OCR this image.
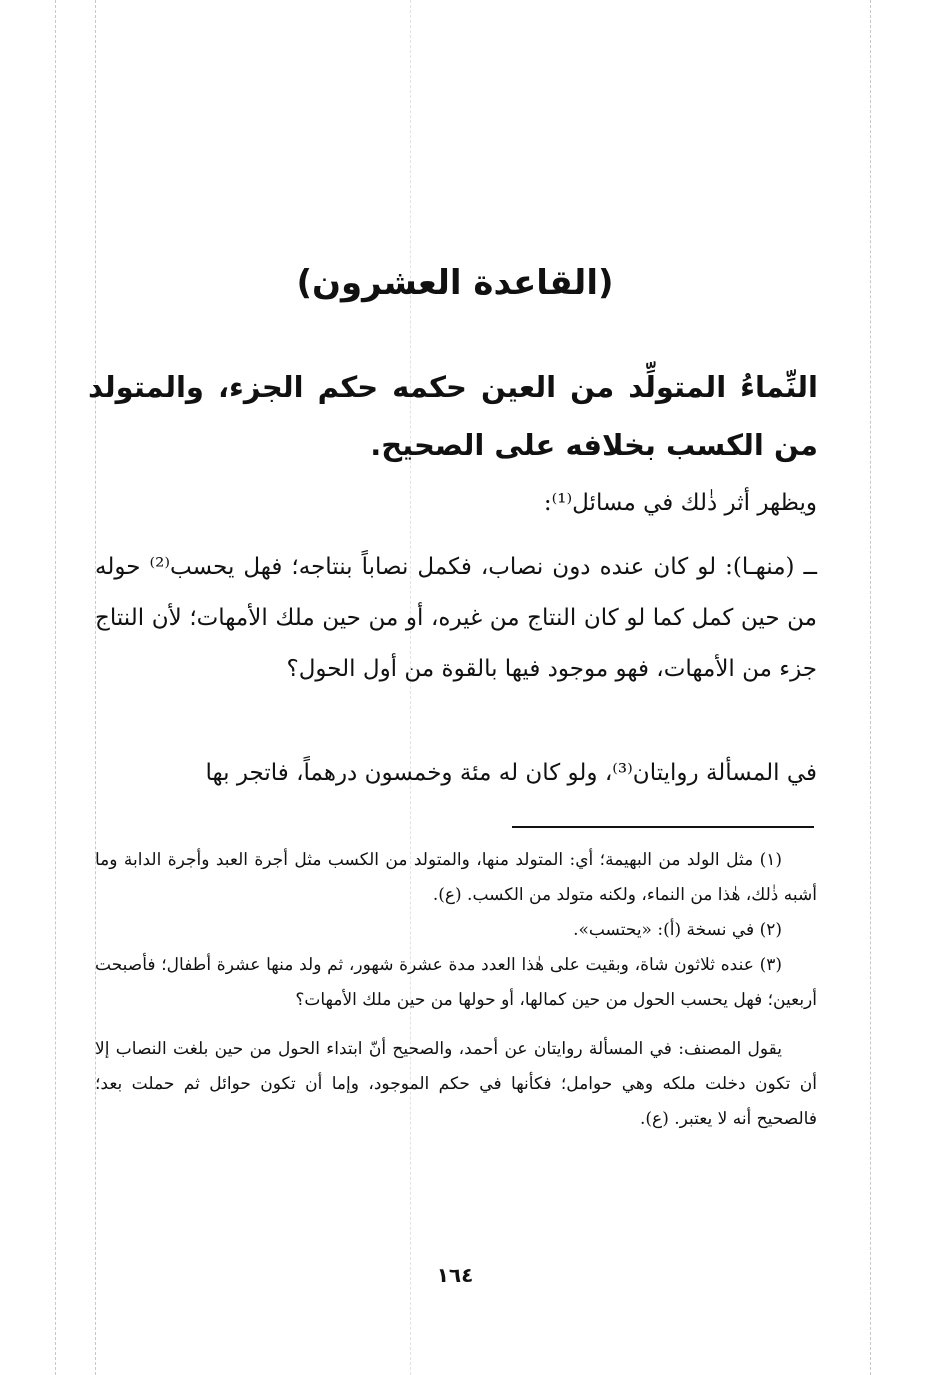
(القاعدة العشرون)
النِّماءُ المتولِّد من العين حكمه حكم الجزء، والمتولد من الكسب بخلافه على الصحيح.
ويظهر أثر ذٰلك في مسائل⁽¹⁾:
ــ (منهـا): لو كان عنده دون نصاب، فكمل نصاباً بنتاجه؛ فهل يحسب⁽²⁾ حوله من حين كمل كما لو كان النتاج من غيره، أو من حين ملك الأمهات؛ لأن النتاج جزء من الأمهات، فهو موجود فيها بالقوة من أول الحول؟
في المسألة روايتان⁽³⁾، ولو كان له مئة وخمسون درهماً، فاتجر بها

(١) مثل الولد من البهيمة؛ أي: المتولد منها، والمتولد من الكسب مثل أجرة العبد وأجرة الدابة وما أشبه ذٰلك، هٰذا من النماء، ولكنه متولد من الكسب. (ع).

(٢) في نسخة (أ): «يحتسب».

(٣) عنده ثلاثون شاة، وبقيت على هٰذا العدد مدة عشرة شهور، ثم ولد منها عشرة أطفال؛ فأصبحت أربعين؛ فهل يحسب الحول من حين كمالها، أو حولها من حين ملك الأمهات؟

يقول المصنف: في المسألة روايتان عن أحمد، والصحيح أنّ ابتداء الحول من حين بلغت النصاب إلا أن تكون دخلت ملكه وهي حوامل؛ فكأنها في حكم الموجود، وإما أن تكون حوائل ثم حملت بعد؛ فالصحيح أنه لا يعتبر. (ع).

١٦٤
